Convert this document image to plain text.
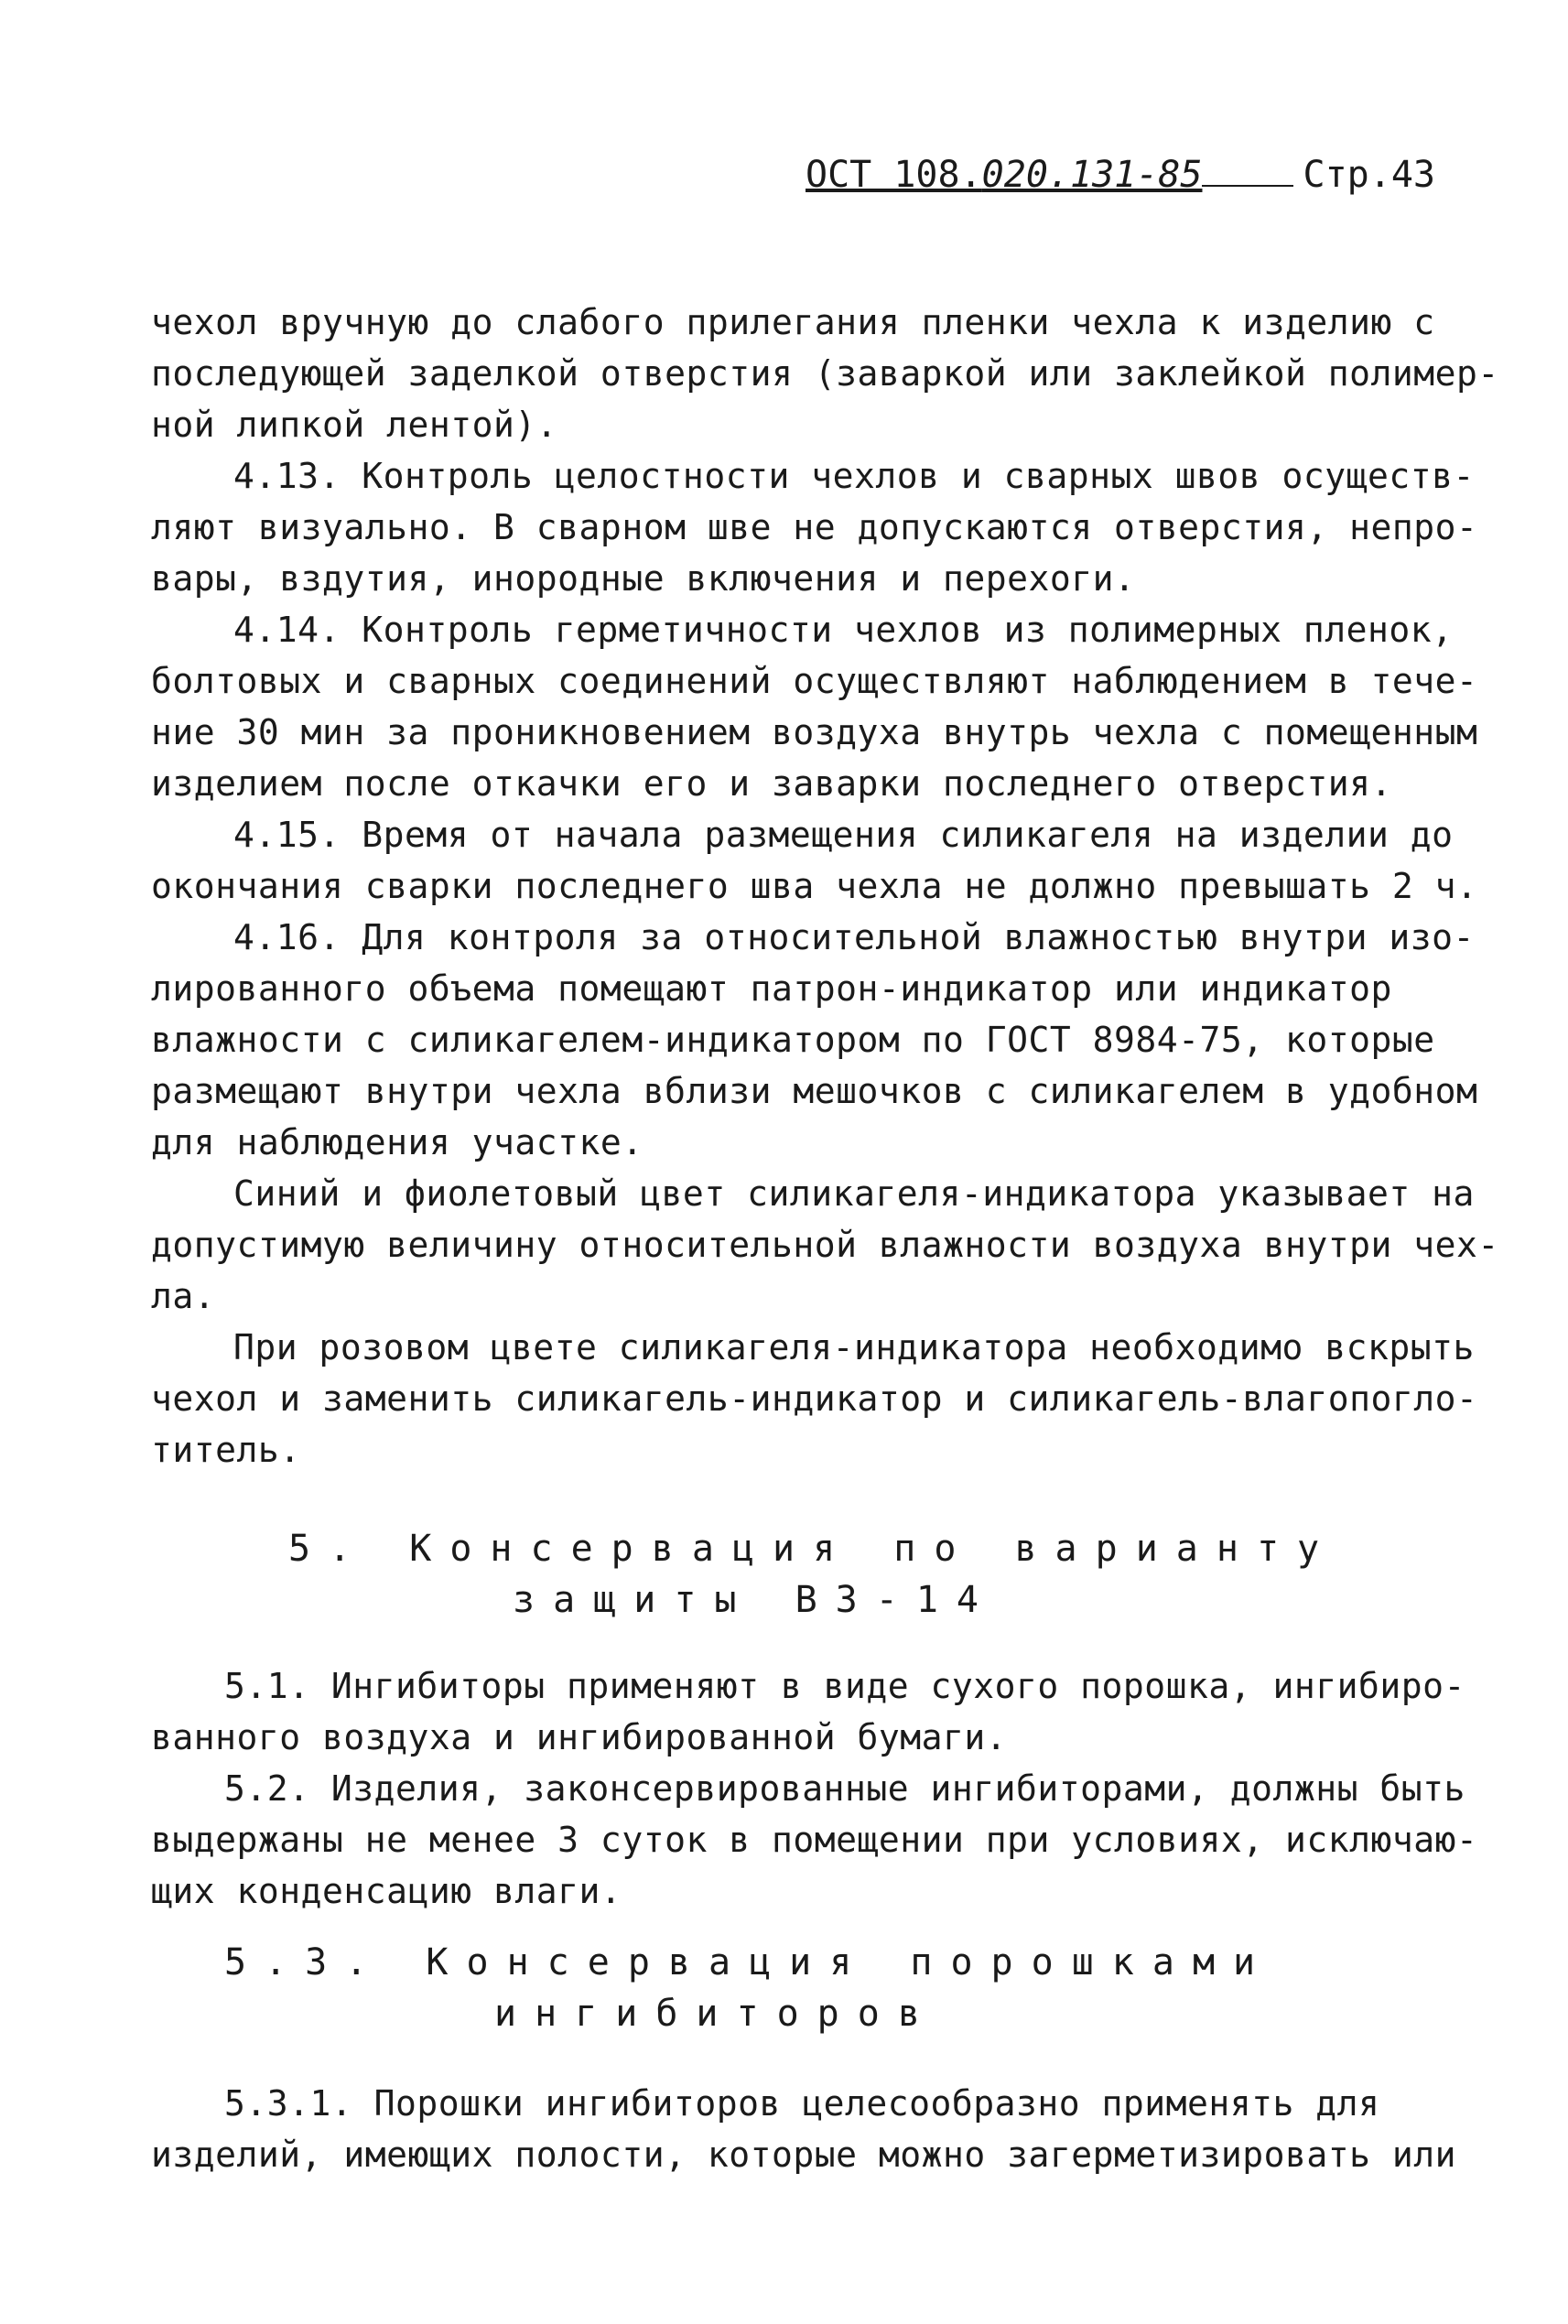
ОСТ 108.020.131-85	Стр.43
чехол вручную до слабого прилегания пленки чехла к изделию с
последующей заделкой отверстия (заваркой или заклейкой полимер-
ной липкой лентой).
4.13. Контроль целостности чехлов и сварных швов осуществ-
ляют визуально. В сварном шве не допускаются отверстия, непро-
вары, вздутия, инородные включения и перехоги.
4.14. Контроль герметичности чехлов из полимерных пленок,
болтовых и сварных соединений осуществляют наблюдением в тече-
ние 30 мин за проникновением воздуха внутрь чехла с помещенным
изделием после откачки его и заварки последнего отверстия.
4.15. Время от начала размещения силикагеля на изделии до
окончания сварки последнего шва чехла не должно превышать 2 ч.
4.16. Для контроля за относительной влажностью внутри изо-
лированного объема помещают патрон-индикатор или индикатор
влажности с силикагелем-индикатором по ГОСТ 8984-75, которые
размещают внутри чехла вблизи мешочков с силикагелем в удобном
для наблюдения участке.
Синий и фиолетовый цвет силикагеля-индикатора указывает на
допустимую величину относительной влажности воздуха внутри чех-
ла.
При розовом цвете силикагеля-индикатора необходимо вскрыть
чехол и заменить силикагель-индикатор и силикагель-влагопогло-
титель.
5. Консервация по варианту
защиты ВЗ-14
5.1. Ингибиторы применяют в виде сухого порошка, ингибиро-
ванного воздуха и ингибированной бумаги.
5.2. Изделия, законсервированные ингибиторами, должны быть
выдержаны не менее 3 суток в помещении при условиях, исключаю-
щих конденсацию влаги.
5.3. Консервация порошками
ингибиторов
5.3.1. Порошки ингибиторов целесообразно применять для
изделий, имеющих полости, которые можно загерметизировать или
